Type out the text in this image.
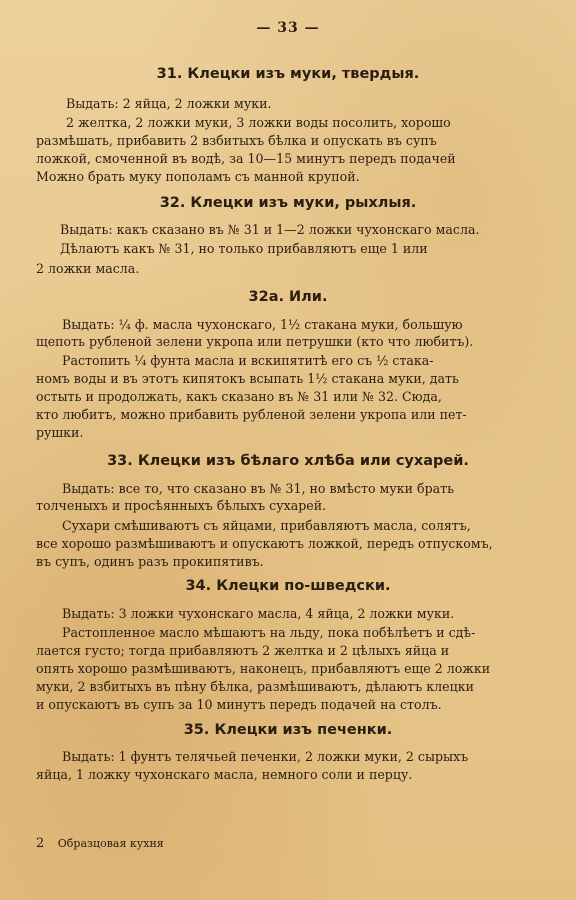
— 33 —
31. Клецки изъ муки, твердыя.
Выдать: 2 яйца, 2 ложки муки.
2 желтка, 2 ложки муки, 3 ложки воды посолить, хорошо
размѣшать, прибавить 2 взбитыхъ бѣлка и опускать въ супъ
ложкой, смоченной въ водѣ, за 10—15 минутъ передъ подачей
Можно брать муку пополамъ съ манной крупой.
32. Клецки изъ муки, рыхлыя.
Выдать: какъ сказано въ № 31 и 1—2 ложки чухонскаго масла.
Дѣлаютъ какъ № 31, но только прибавляютъ еще 1 или
2 ложки масла.
32а. Или.
Выдать: ¼ ф. масла чухонскаго, 1½ стакана муки, большую
щепоть рубленой зелени укропа или петрушки (кто что любитъ).
Растопить ¼ фунта масла и вскипятитѣ его съ ½ стака-
номъ воды и въ этотъ кипятокъ всыпать 1½ стакана муки, дать
остыть и продолжать, какъ сказано въ № 31 или № 32. Сюда,
кто любитъ, можно прибавить рубленой зелени укропа или пет-
рушки.
33. Клецки изъ бѣлаго хлѣба или сухарей.
Выдать: все то, что сказано въ № 31, но вмѣсто муки брать
толченыхъ и просѣянныхъ бѣлыхъ сухарей.
Сухари смѣшиваютъ съ яйцами, прибавляютъ масла, солятъ,
все хорошо размѣшиваютъ и опускаютъ ложкой, передъ отпускомъ,
въ супъ, одинъ разъ прокипятивъ.
34. Клецки по-шведски.
Выдать: 3 ложки чухонскаго масла, 4 яйца, 2 ложки муки.
Растопленное масло мѣшаютъ на льду, пока побѣлѣетъ и сдѣ-
лается густо; тогда прибавляютъ 2 желтка и 2 цѣлыхъ яйца и
опять хорошо размѣшиваютъ, наконецъ, прибавляютъ еще 2 ложки
муки, 2 взбитыхъ въ пѣну бѣлка, размѣшиваютъ, дѣлаютъ клецки
и опускаютъ въ супъ за 10 минутъ передъ подачей на столъ.
35. Клецки изъ печенки.
Выдать: 1 фунтъ телячьей печенки, 2 ложки муки, 2 сырыхъ
яйца, 1 ложку чухонскаго масла, немного соли и перцу.
2 Образцовая кухня
